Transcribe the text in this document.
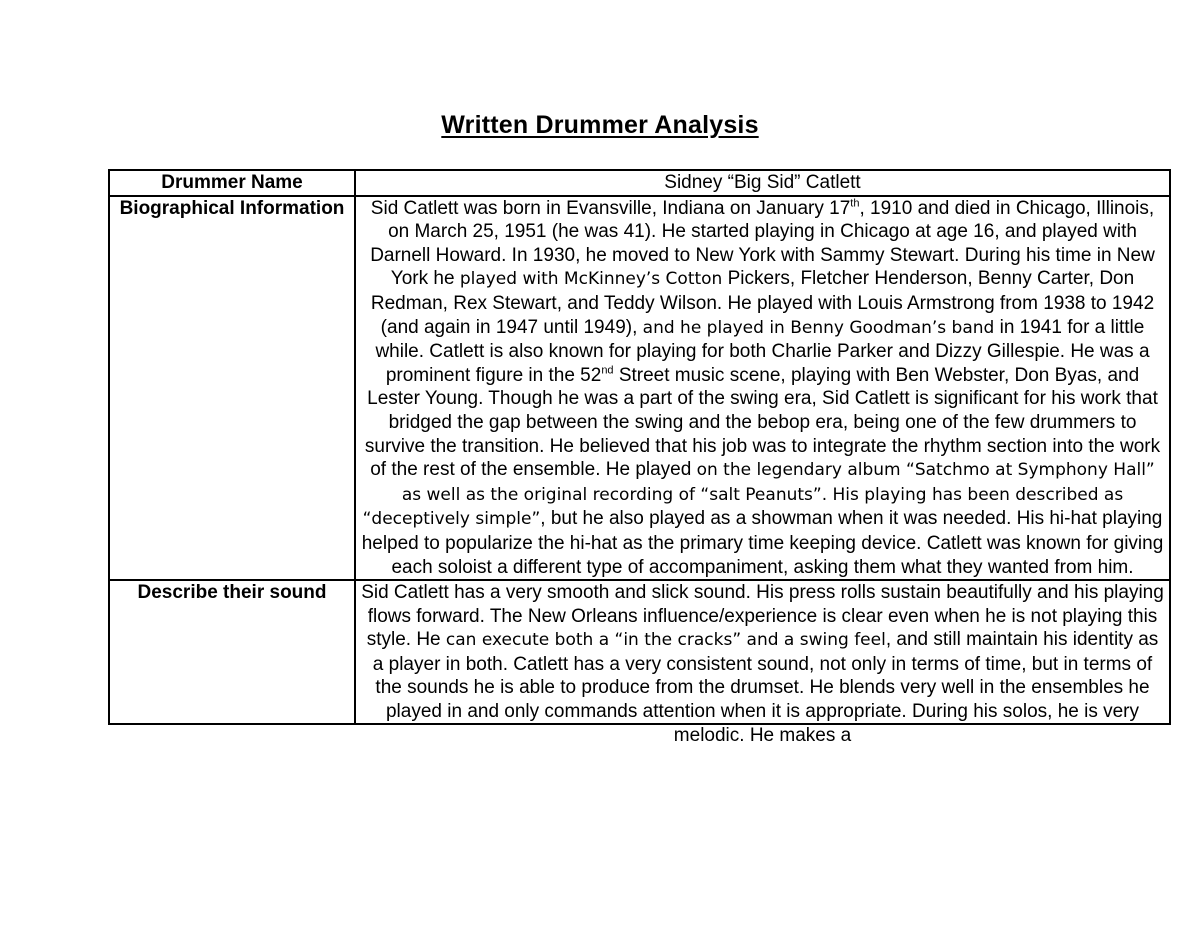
Written Drummer Analysis
Drummer Name	Sidney “Big Sid” Catlett
Biographical Information	Sid Catlett was born in Evansville, Indiana on January 17th, 1910 and died in Chicago, Illinois, on March 25, 1951 (he was 41). He started playing in Chicago at age 16, and played with Darnell Howard. In 1930, he moved to New York with Sammy Stewart. During his time in New York he played with McKinney’s Cotton Pickers, Fletcher Henderson, Benny Carter, Don Redman, Rex Stewart, and Teddy Wilson. He played with Louis Armstrong from 1938 to 1942 (and again in 1947 until 1949), and he played in Benny Goodman’s band in 1941 for a little while. Catlett is also known for playing for both Charlie Parker and Dizzy Gillespie. He was a prominent figure in the 52nd Street music scene, playing with Ben Webster, Don Byas, and Lester Young. Though he was a part of the swing era, Sid Catlett is significant for his work that bridged the gap between the swing and the bebop era, being one of the few drummers to survive the transition. He believed that his job was to integrate the rhythm section into the work of the rest of the ensemble. He played on the legendary album “Satchmo at Symphony Hall” as well as the original recording of “salt Peanuts”. His playing has been described as “deceptively simple”, but he also played as a showman when it was needed. His hi-hat playing helped to popularize the hi-hat as the primary time keeping device. Catlett was known for giving each soloist a different type of accompaniment, asking them what they wanted from him.
Describe their sound	Sid Catlett has a very smooth and slick sound. His press rolls sustain beautifully and his playing flows forward. The New Orleans influence/experience is clear even when he is not playing this style. He can execute both a “in the cracks” and a swing feel, and still maintain his identity as a player in both. Catlett has a very consistent sound, not only in terms of time, but in terms of the sounds he is able to produce from the drumset. He blends very well in the ensembles he played in and only commands attention when it is appropriate. During his solos, he is very melodic. He makes a
